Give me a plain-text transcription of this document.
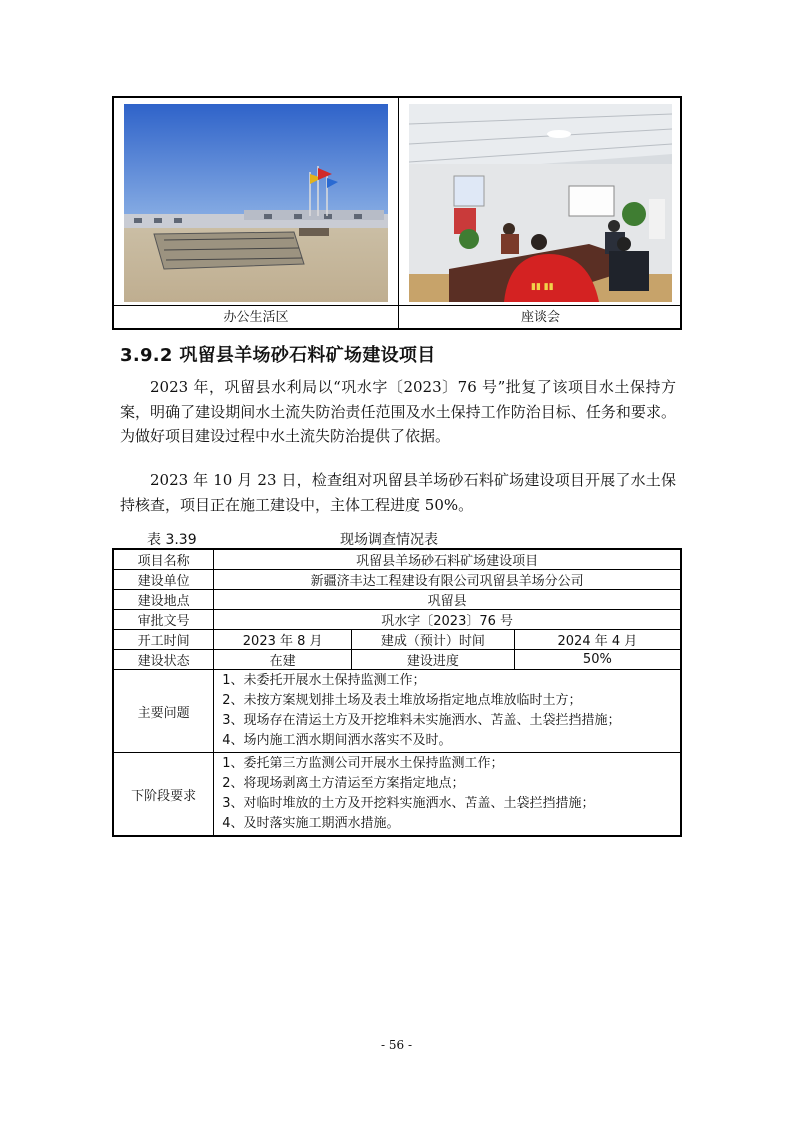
办公生活区
▮▮ ▮▮
座谈会
3.9.2 巩留县羊场砂石料矿场建设项目
2023 年，巩留县水利局以“巩水字〔2023〕76 号”批复了该项目水土保持方案，明确了建设期间水土流失防治责任范围及水土保持工作防治目标、任务和要求。为做好项目建设过程中水土流失防治提供了依据。
2023 年 10 月 23 日，检查组对巩留县羊场砂石料矿场建设项目开展了水土保持核查，项目正在施工建设中，主体工程进度 50%。
表 3.39	现场调查情况表
项目名称	巩留县羊场砂石料矿场建设项目		
建设单位	新疆济丰达工程建设有限公司巩留县羊场分公司		
建设地点	巩留县		
审批文号	巩水字〔2023〕76 号		
开工时间	2023 年 8 月	建成（预计）时间	2024 年 4 月
建设状态	在建	建设进度	50%
主要问题	1、未委托开展水土保持监测工作；
2、未按方案规划排土场及表土堆放场指定地点堆放临时土方；
3、现场存在清运土方及开挖堆料未实施洒水、苫盖、土袋拦挡措施；
4、场内施工洒水期间洒水落实不及时。		

下阶段要求	1、委托第三方监测公司开展水土保持监测工作；
2、将现场剥离土方清运至方案指定地点；
3、对临时堆放的土方及开挖料实施洒水、苫盖、土袋拦挡措施；
4、及时落实施工期洒水措施。		
- 56 -
